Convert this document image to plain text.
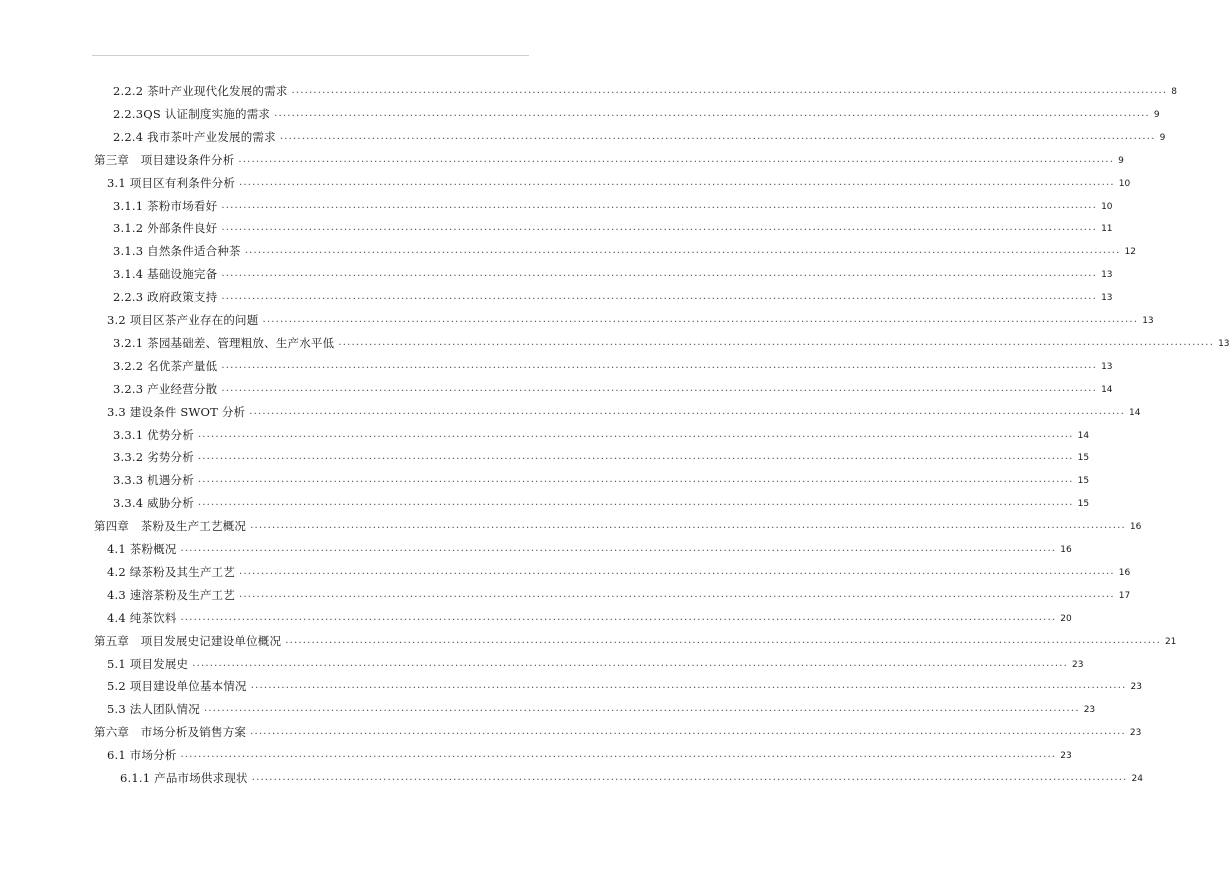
2.2.2 茶叶产业现代化发展的需求 ........................................................................................................................................................................................................ 8
2.2.3QS 认证制度实施的需求 ........................................................................................................................................................................................................ 9
2.2.4 我市茶叶产业发展的需求 ........................................................................................................................................................................................................ 9
第三章　项目建设条件分析 ........................................................................................................................................................................................................ 9
3.1 项目区有利条件分析 ........................................................................................................................................................................................................ 10
3.1.1 茶粉市场看好 ........................................................................................................................................................................................................ 10
3.1.2 外部条件良好 ........................................................................................................................................................................................................ 11
3.1.3 自然条件适合种茶 ........................................................................................................................................................................................................ 12
3.1.4 基础设施完备 ........................................................................................................................................................................................................ 13
2.2.3 政府政策支持 ........................................................................................................................................................................................................ 13
3.2 项目区茶产业存在的问题 ........................................................................................................................................................................................................ 13
3.2.1 茶园基础差、管理粗放、生产水平低 ........................................................................................................................................................................................................ 13
3.2.2 名优茶产量低 ........................................................................................................................................................................................................ 13
3.2.3 产业经营分散 ........................................................................................................................................................................................................ 14
3.3 建设条件 SWOT 分析 ........................................................................................................................................................................................................ 14
3.3.1 优势分析 ........................................................................................................................................................................................................ 14
3.3.2 劣势分析 ........................................................................................................................................................................................................ 15
3.3.3 机遇分析 ........................................................................................................................................................................................................ 15
3.3.4 威胁分析 ........................................................................................................................................................................................................ 15
第四章　茶粉及生产工艺概况 ........................................................................................................................................................................................................ 16
4.1 茶粉概况 ........................................................................................................................................................................................................ 16
4.2 绿茶粉及其生产工艺 ........................................................................................................................................................................................................ 16
4.3 速溶茶粉及生产工艺 ........................................................................................................................................................................................................ 17
4.4 纯茶饮料 ........................................................................................................................................................................................................ 20
第五章　项目发展史记建设单位概况 ........................................................................................................................................................................................................ 21
5.1 项目发展史 ........................................................................................................................................................................................................ 23
5.2 项目建设单位基本情况 ........................................................................................................................................................................................................ 23
5.3 法人团队情况 ........................................................................................................................................................................................................ 23
第六章　市场分析及销售方案 ........................................................................................................................................................................................................ 23
6.1 市场分析 ........................................................................................................................................................................................................ 23
6.1.1 产品市场供求现状 ........................................................................................................................................................................................................ 24
